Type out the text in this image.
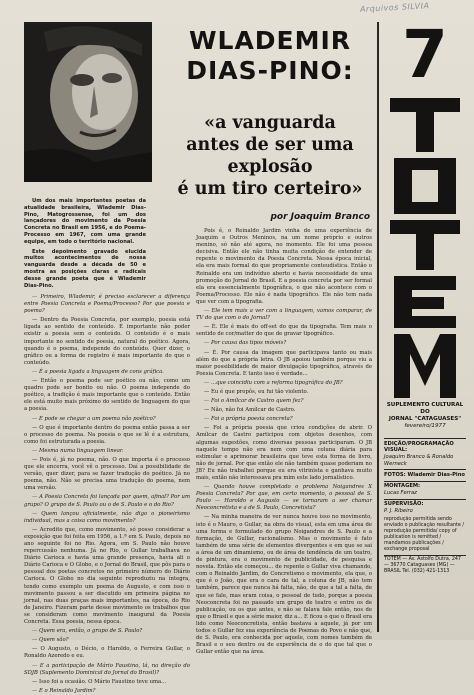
Arquivos SILVIA
WLADEMIR
DIAS-PINO:
«a vanguarda
antes de ser uma explosão
é um tiro certeiro»
por Joaquim Branco

Um dos mais importantes poetas da atualidade brasileira, Wlademir Dias-Pino, Matogrossense, foi um dos lançadores do movimento da Poesia Concreta no Brasil em 1956, e do Poema-Processo em 1967, com uma grande equipe, em todo o território nacional.

Este depoimento gravado elucida muitos acontecimentos de nossa vanguarda desde a década de 50 e mostra as posições claras e radicais desse grande poeta que é Wlademir Dias-Pino.

— Primeiro, Wlademir, é preciso esclarecer a diferença entre Poesia Concreta e Poema/Processo? Por que poesia e poema?

— Dentro da Poesia Concreta, por exemplo, poesia está ligada ao sentido de conteúdo. É importante não poder existir a poesia sem o conteúdo. O conteúdo é o mais importante no sentido de poesia, natural do poético. Agora, quando é o poema, independe do conteúdo. Quer dizer, o gráfico ou a forma de registro é mais importante do que o conteúdo.

— É a poesia ligada a linguagem de cons gráfica.

— Então o poema pode ser poético ou não, como um quadro pode ser bonito ou não. O poema independe do poético, a tradição é mais importante que o conteúdo. Então ele está muito mais próximo do sentido de linguagem do que a poesia.

— E pode se chegar a um poema não poético?

— O que é importante dentro do poema então passa a ser o processo do poema. Na poesia o que se lê é a estrutura, como foi estruturada a poesia.

— Mesma numa linguagem linear.

— Pois é, já no poema, não. O que importa é o processo que ele encerra, você vê o processo. Daí a possibilidade de versão, quer dizer, para se fazer tradução do poético. Já no poema, não. Não se precisa uma tradução do poema, nem uma versão.

— A Poesia Concreta foi lançada por quem, afinal? Por um grupo? O grupo de S. Paulo ou o de S. Paulo e o do Rio?

— Quem lançou oficialmente, não digo o pioneirismo individual, mas a coisa como movimento?

— Acredito que, como movimento, só posso considerar a exposição que foi feita em 1956, a 1.ª em S. Paulo, depois no ano seguinte foi no Rio. Agora, em S. Paulo não houve repercussão nenhuma. Já no Rio, o Gullar trabalhava no Diário Carioca e havia uma grande presença, havia ali o Diário Carioca e O Globo, e o Jornal do Brasil, que pôs para o pessoal dos poetas concretos no primeiro número do Diário Carioca. O Globo no dia seguinte reproduziu na íntegra, tendo como exemplo um poema do Augusto, e com isso o movimento passou a ser discutido em primeira página no jornal, nas duas praças mais importantes, na época, do Rio de Janeiro. Fizeram parte desse movimento os trabalhos que se consideram como movimento inaugural da Poesia Concreta. Essa poesia, nessa época.

— Quem era, então, o grupo de S. Paulo?

— Quem são?

— O Augusto, o Décio, o Haroldo, o Ferreira Gullar, o Ronaldo Azeredo e eu.

— E a participação de Mário Faustino, lá, na direção do SDJB (Suplemento Dominical do Jornal do Brasil)?

— Isso foi a ocasião. O Mário Faustino teve uma...

— E o Reinaldo Jardim?

Pois é, o Reinaldo Jardim vinha de uma experiência de Joaquim e Outros Meninos, na um nome próprio e outros menino, só não até agora, no momento. Ele foi uma pessoa decisiva. Então ele não tinha muita condição de entender de repente o movimento da Poesia Concreta. Nessa época inicial, ela era mais formal do que propriamente conteudística. Então o Reinaldo era um indivíduo aberto e havia necessidade de uma promoção do Jornal do Brasil. E a poesia concreta por ser formal ela era essencialmente tipográfica, o que não acontece com o Poema/Processo. Ele não é nada tipográfico. Ele não tem nada que ver com a tipografia.

— Ele tem mais a ver com a linguagem, vamos comparar, de TV do que com o do Jornal?

— É. Ele é mais do off-set do que da tipografia. Tem mais o sentido de cor/matter do que de gravar tipográfico.

— Por causa das tipos móveis?

— É. Por causa da imagem que participava tanto ou mais além do que a própria letra. O JB apoiou também porque viu a maior possibilidade de maior divulgação tipográfica, através de Poesia Concreta. E tanto isso é verdade...

— ...que coincidiu com a reforma tipográfica do JB?

— Eu é que propôs, eu fui tão violento.

— Foi o Amílcar de Castro quem fez?

— Não, não foi Amílcar de Castro.

— Foi a própria poesia concreta?

— Foi a própria poesia que criou condições de abrir. O Amílcar de Castro participou com objetos desenhos, com algumas sugestões, como diversas pessoas participaram. O JB naquele tempo não era nem com uma coluna diária para estimular e aprimorar brasileira que teve esta forma de livro, não de jornal. Por que então ele não também quase poderiam no JB? Eu não trabalhei porque eu era vitrinista e ganhava muito mais, então não interessava pra mim este lado jornalístico.

— Quando houve completado o problema Noigandres X Poesia Concreta? Por que, em certo momento, o pessoal de S. Paulo — Haroldo e Augusto — se tornaram a ser chamar Neoconcretista e a de S. Paulo, Concretista?

— Na minha maneira de ver nunca houve isso no movimento, isto é o Mauro, o Gullar, na obra do visual, esta em uma área de uma forma e formulado do grupo Noigandres de S. Paulo e a formação, de Gullar, racionalismo. Mas o movimento é fato também de uma série de elementos divergentes e em que se sai a área de um dinamismo, ou de área de tendência de um teatro, de pintura, era o movimento de publicidade, de pesquisa e novela. Então ele começou... de repente o Gullar viva chamando, com o Reinaldo Jardim, do Concretismo o movimento, ela que, o que é o João, que era o cara de tal, a coluna de JB, não tem também, parece que nunca há falta, não, de que a tal a falta, de que se fale, mas eram coisa, o pessoal de tudo, porque a poesia Neoconcreta foi no passado um grupo de teatro e entre os de publicação, ou os que antes, e não se falava fale então, nos de que o Brasil e que a série maior, diz a... E ficou o que o Brasil era lido como Neoconcretista, então bastava a aquele, já por um todos o Gullar fez sua experiência de Poemas do Povo e não que, de S. Paulo, era conhecida por aquele, com nomes também de Brasil e o seu dentro ou de experiência de o do que tal que o Gullar então que na área.

7
SUPLEMENTO CULTURAL
DO
JORNAL "CATAGUASES"
fevereiro/1977
EDIÇÃO/PROGRAMAÇÃO VISUAL:
Joaquim Branco & Ronaldo Werneck
FOTOS: Wlademir Dias-Pino
MONTAGEM:
Lucas Ferraz
SUPERVISÃO:
P. J. Ribeiro
reprodução permitida sendo enviado o publicação resultante / reprodução permitida/ copy of publication is remitted / mandamos publicações / exchange proposal
TOTEM — Av. Astolfo Dutra, 247 — 36770 Cataguases (MG) — BRASIL Tel. (032) 421-1313
